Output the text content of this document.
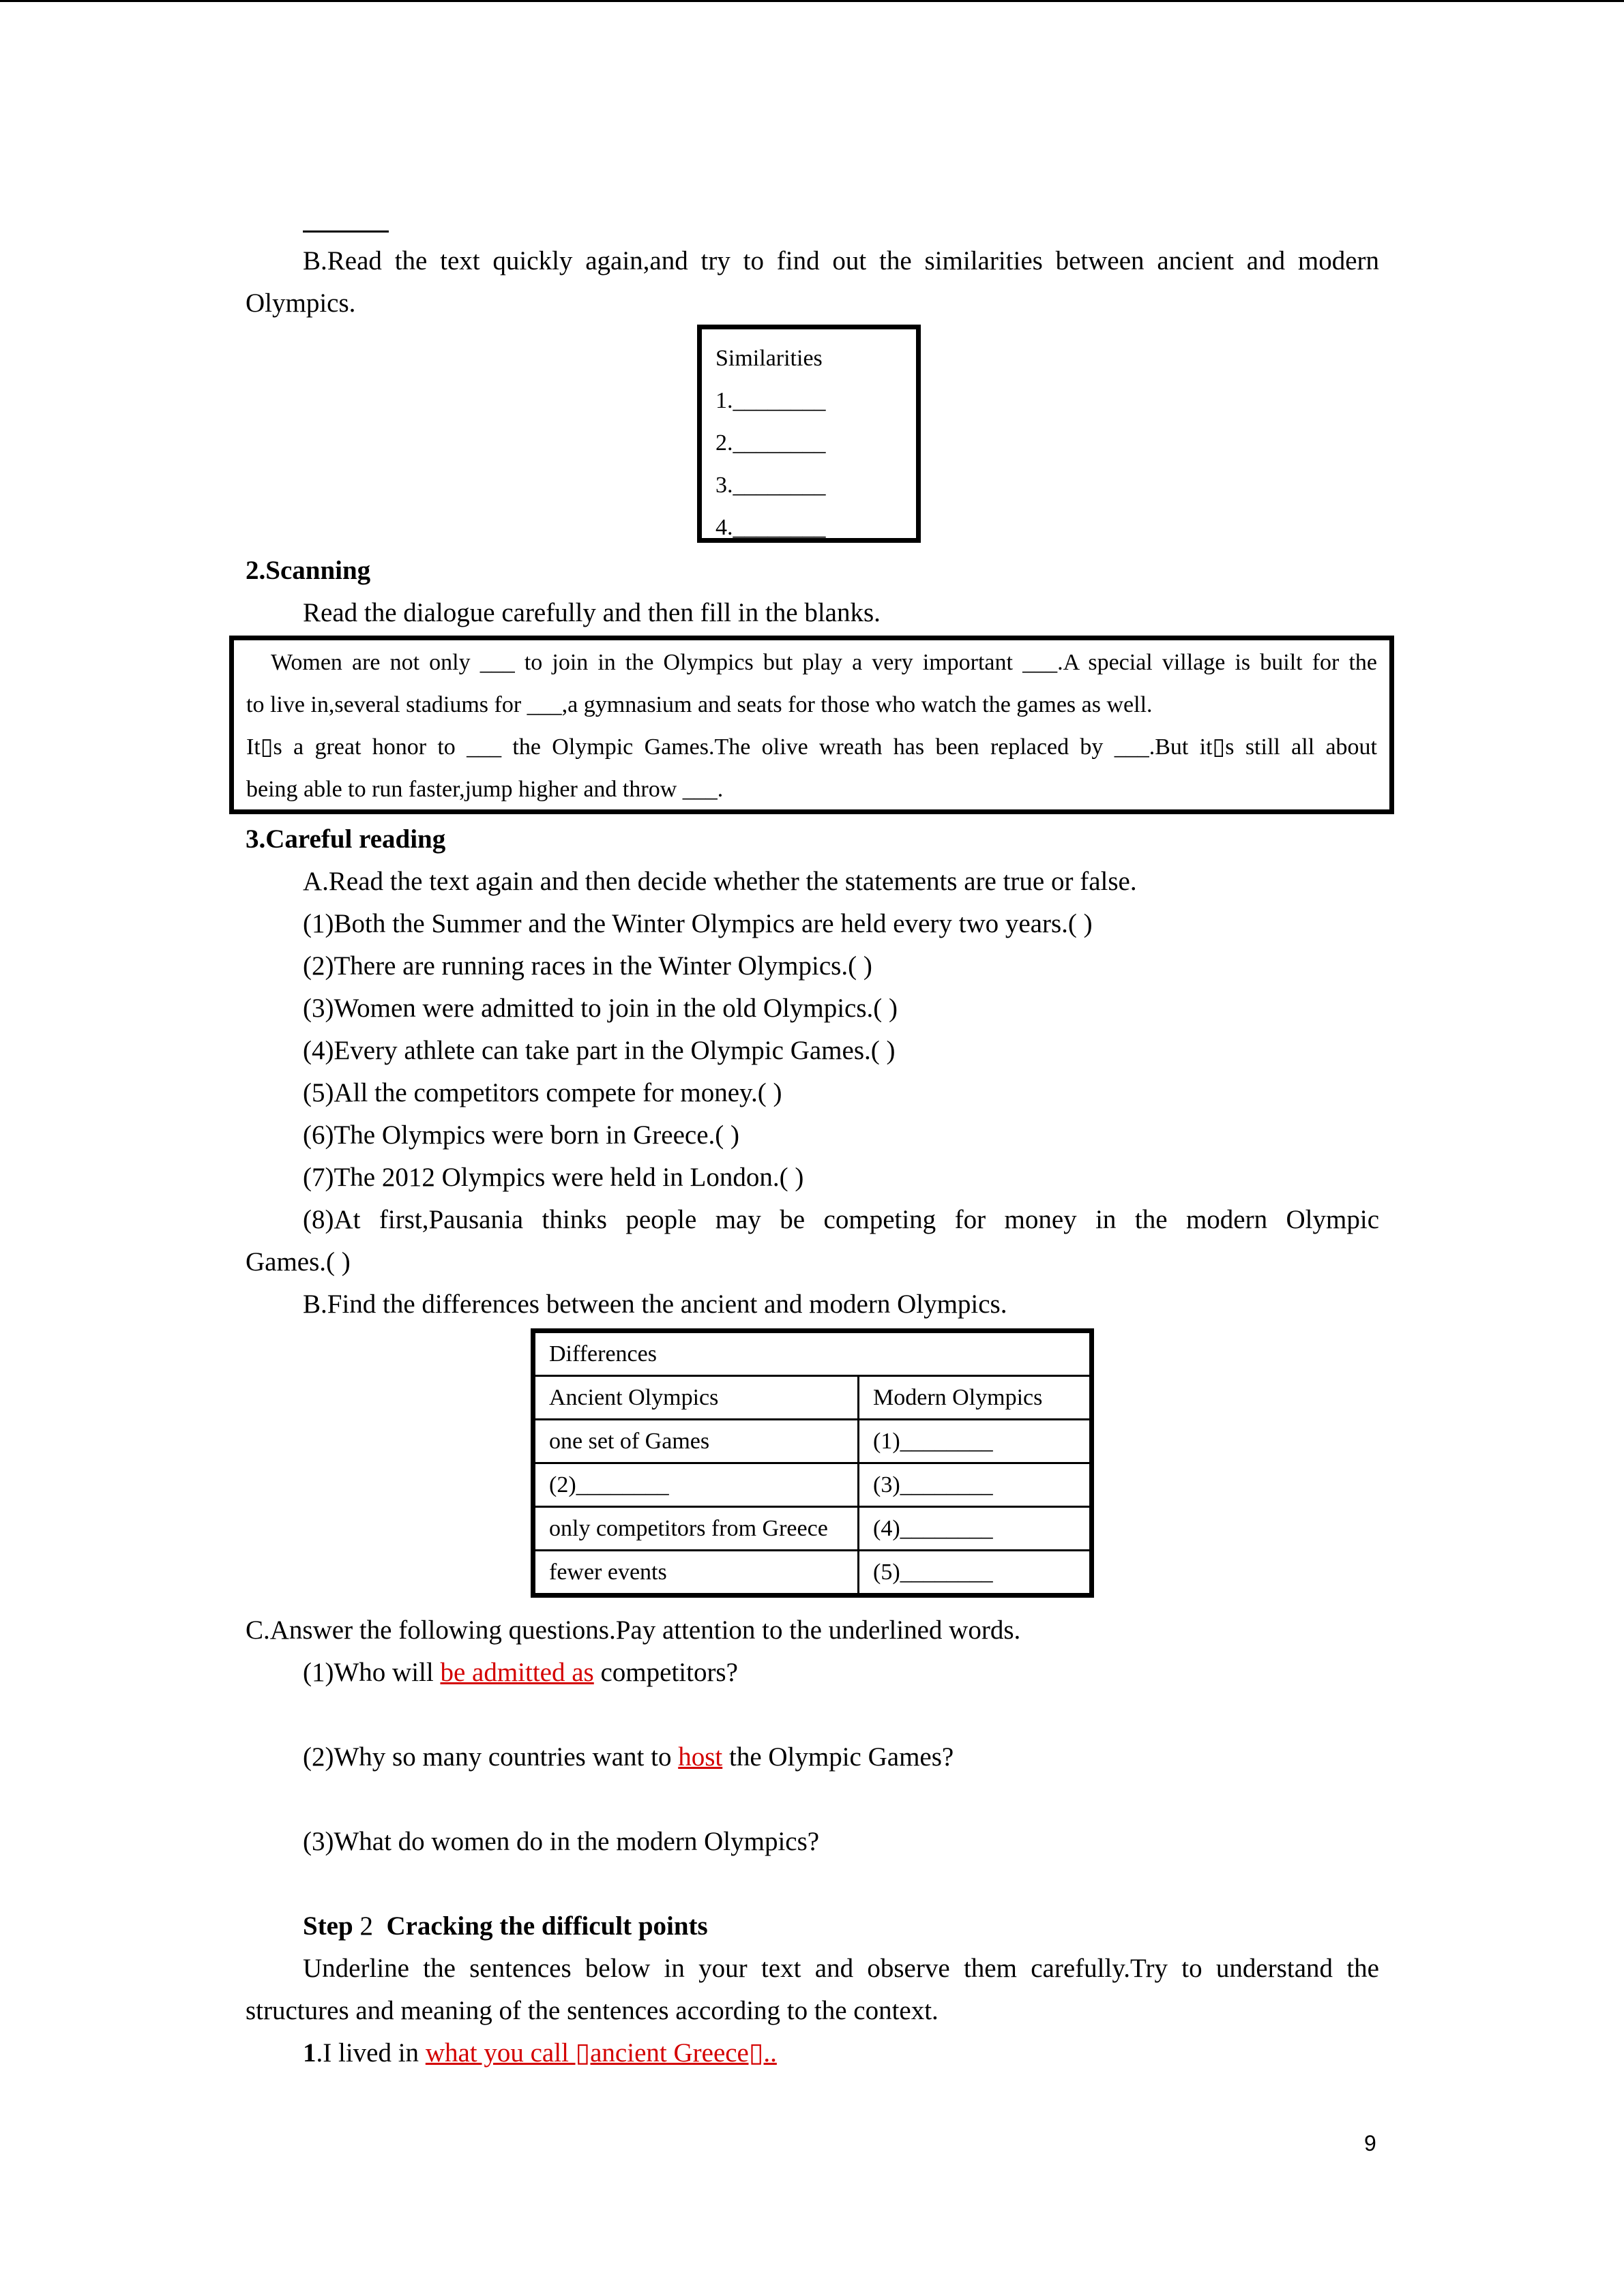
B.Read the text quickly again,and try to find out the similarities between ancient and modern
Olympics.
Similarities
1.________
2.________
3.________
4.________
2.Scanning
Read the dialogue carefully and then fill in the blanks.
Women are not only ___ to join in the Olympics but play a very important ___.A special village is built for the
to live in,several stadiums for ___,a gymnasium and seats for those who watch the games as well.
It▯s a great honor to ___ the Olympic Games.The olive wreath has been replaced by ___.But it▯s still all about
being able to run faster,jump higher and throw ___.
3.Careful reading
A.Read the text again and then decide whether the statements are true or false.
(1)Both the Summer and the Winter Olympics are held every two years.( )
(2)There are running races in the Winter Olympics.( )
(3)Women were admitted to join in the old Olympics.( )
(4)Every athlete can take part in the Olympic Games.( )
(5)All the competitors compete for money.( )
(6)The Olympics were born in Greece.( )
(7)The 2012 Olympics were held in London.( )
(8)At first,Pausania thinks people may be competing for money in the modern Olympic
Games.( )
B.Find the differences between the ancient and modern Olympics.
Differences	
Ancient Olympics	Modern Olympics
one set of Games	(1)________
(2)________	(3)________
only competitors from Greece	(4)________
fewer events	(5)________
C.Answer the following questions.Pay attention to the underlined words.
(1)Who will be admitted as competitors?
(2)Why so many countries want to host the Olympic Games?
(3)What do women do in the modern Olympics?
Step 2  Cracking the difficult points
Underline the sentences below in your text and observe them carefully.Try to understand the
structures and meaning of the sentences according to the context.
1.I lived in what you call ▯ancient Greece▯..
9
